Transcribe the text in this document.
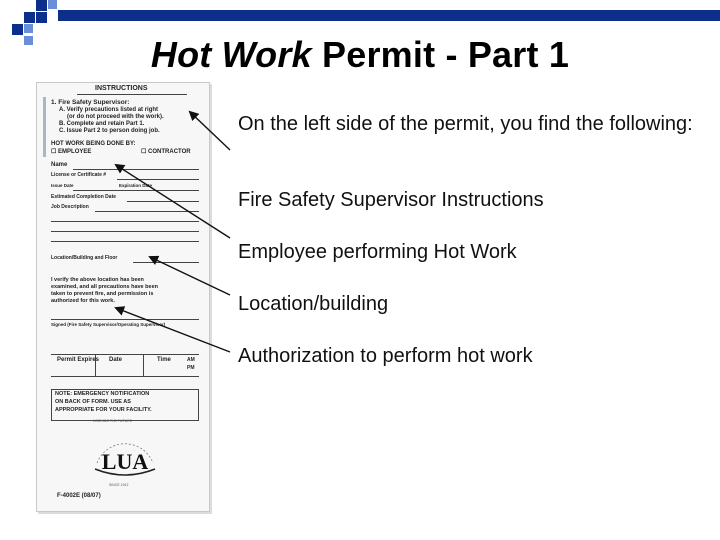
Hot Work Permit - Part 1
INSTRUCTIONS
1. Fire Safety Supervisor:
A. Verify precautions listed at right
(or do not proceed with the work).
B. Complete and retain Part 1.
C. Issue Part 2 to person doing job.
HOT WORK BEING DONE BY:
☐ EMPLOYEE	☐ CONTRACTOR
Name
License or Certificate #
Issue Date	Expiration Date
Estimated Completion Date
Job Description
Location/Building and Floor
I verify the above location has been
examined, and all precautions have been
taken to prevent fire, and permission is
authorized for this work.
Signed (Fire Safety Supervisor/Operating Supervisor)
Permit Expires Date	Time	AM
PM
NOTE: EMERGENCY NOTIFICATION
ON BACK OF FORM. USE AS
APPROPRIATE FOR YOUR FACILITY.
LUA
LOOKING THE FUTURE
SINCE 1912
F-4002E (08/07)
On the left side of the permit, you find the following:
Fire Safety Supervisor Instructions
Employee performing Hot Work
Location/building
Authorization to perform hot work
